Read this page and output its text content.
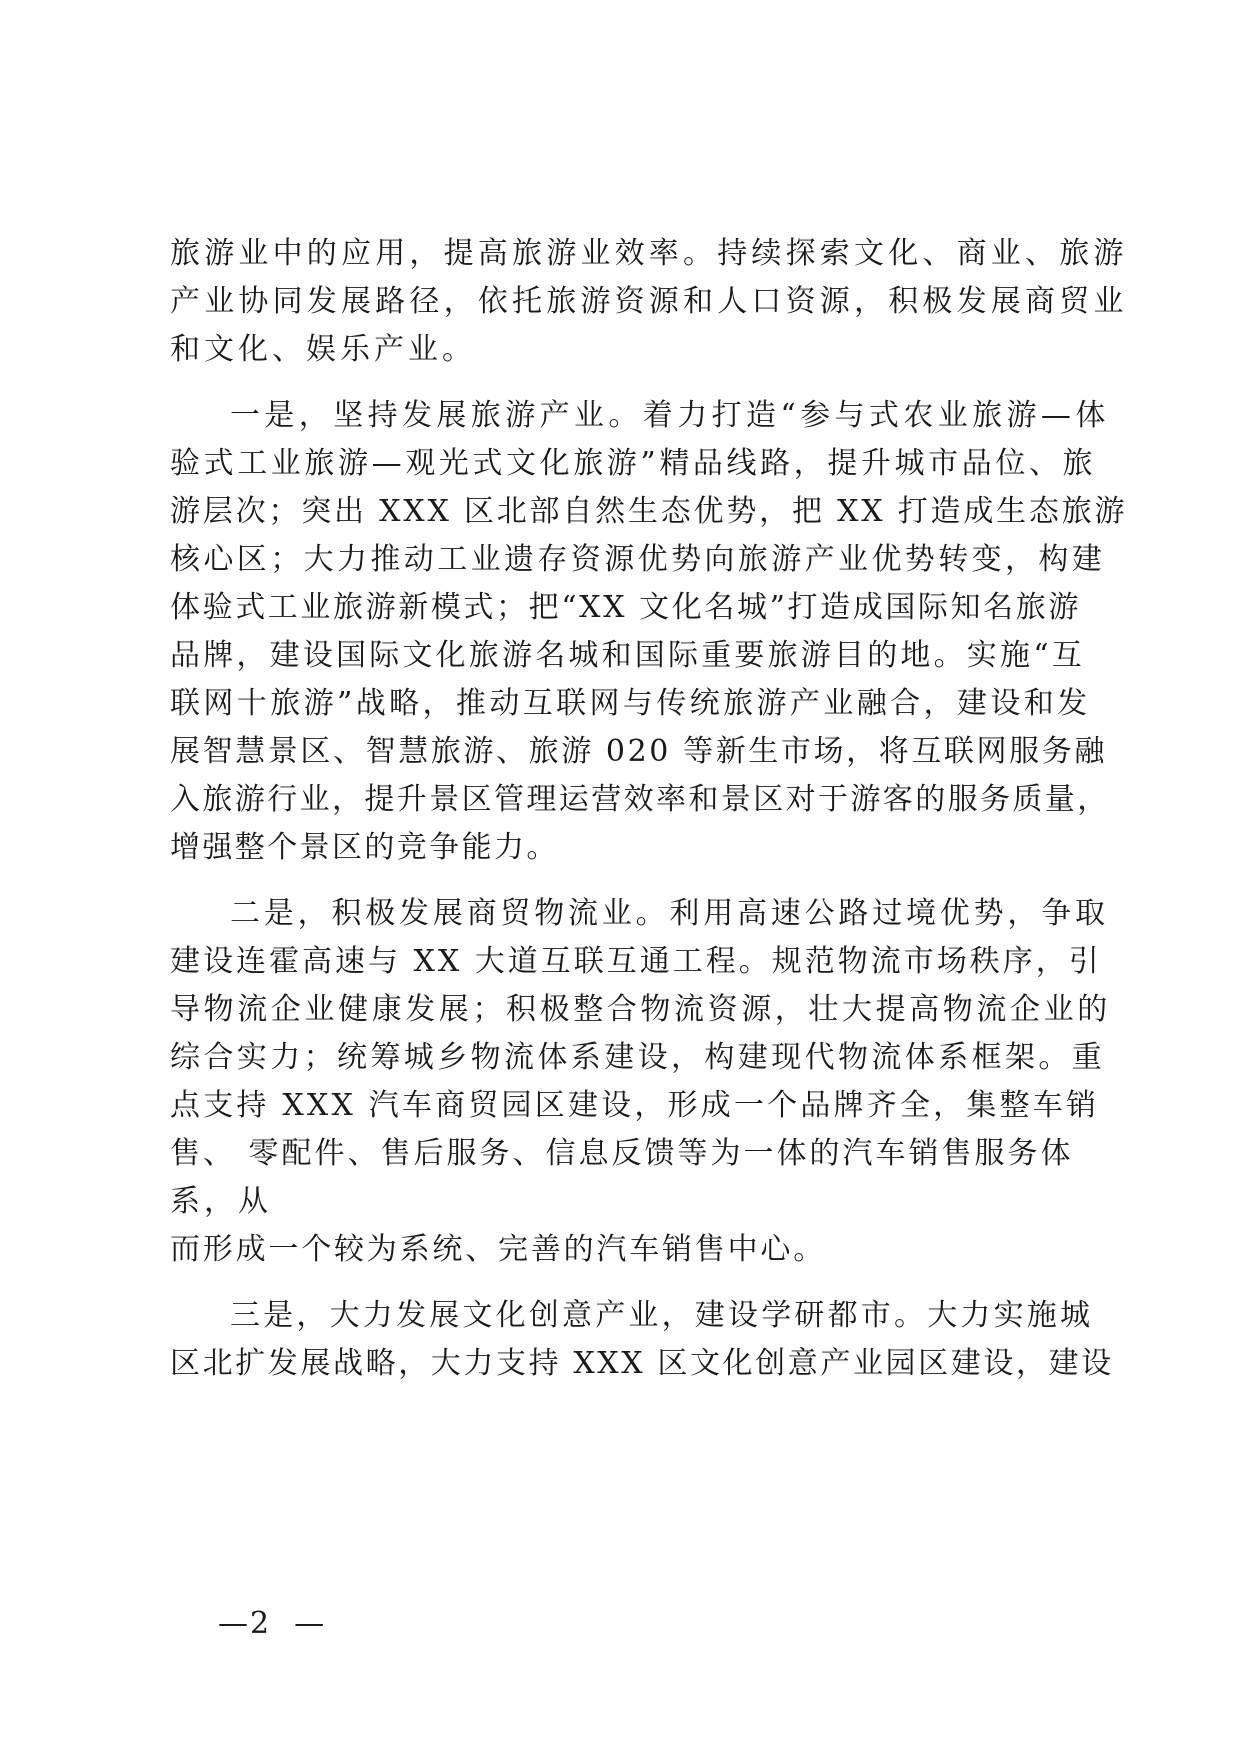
旅游业中的应用，提高旅游业效率。持续探索文化、商业、旅游
产业协同发展路径，依托旅游资源和人口资源，积极发展商贸业
和文化、娱乐产业。
一是，坚持发展旅游产业。着力打造“参与式农业旅游—体
验式工业旅游—观光式文化旅游”精品线路，提升城市品位、旅
游层次；突出 XXX 区北部自然生态优势，把 XX 打造成生态旅游
核心区；大力推动工业遗存资源优势向旅游产业优势转变，构建
体验式工业旅游新模式；把“XX 文化名城”打造成国际知名旅游
品牌，建设国际文化旅游名城和国际重要旅游目的地。实施“互
联网十旅游”战略，推动互联网与传统旅游产业融合，建设和发
展智慧景区、智慧旅游、旅游 020 等新生市场，将互联网服务融
入旅游行业，提升景区管理运营效率和景区对于游客的服务质量，
增强整个景区的竞争能力。
二是，积极发展商贸物流业。利用高速公路过境优势，争取
建设连霍高速与 XX 大道互联互通工程。规范物流市场秩序，引
导物流企业健康发展；积极整合物流资源，壮大提高物流企业的
综合实力；统筹城乡物流体系建设，构建现代物流体系框架。重
点支持 XXX 汽车商贸园区建设，形成一个品牌齐全，集整车销
售、 零配件、售后服务、信息反馈等为一体的汽车销售服务体
系，从
而形成一个较为系统、完善的汽车销售中心。
三是，大力发展文化创意产业，建设学研都市。大力实施城
区北扩发展战略，大力支持 XXX 区文化创意产业园区建设，建设
—2  —
